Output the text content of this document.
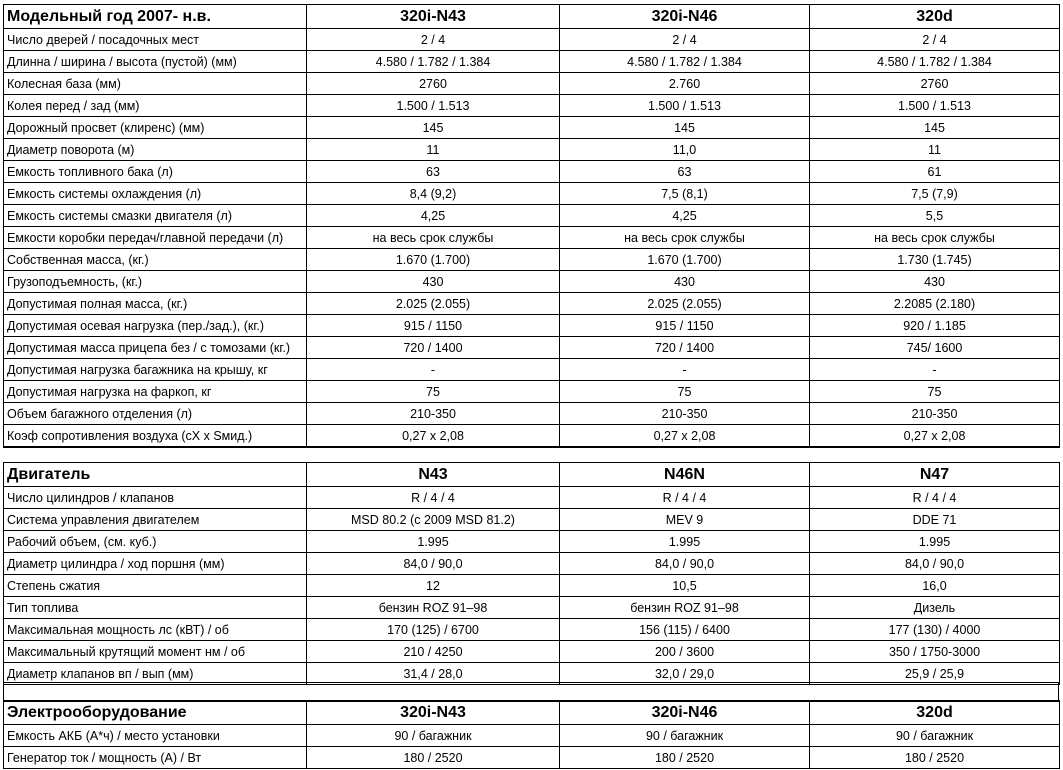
Модельный год 2007- н.в.	320i-N43	320i-N46	320d
Число дверей / посадочных мест	2 / 4	2 / 4	2 / 4
Длинна / ширина / высота (пустой) (мм)	4.580 / 1.782 / 1.384	4.580 / 1.782 / 1.384	4.580 / 1.782 / 1.384
Колесная база (мм)	2760	2.760	2760
Колея перед / зад (мм)	1.500 / 1.513	1.500 / 1.513	1.500 / 1.513
Дорожный просвет (клиренс) (мм)	145	145	145
Диаметр поворота (м)	11	11,0	11
Емкость топливного бака (л)	63	63	61
Емкость системы охлаждения (л)	8,4 (9,2)	7,5 (8,1)	7,5 (7,9)
Емкость системы смазки двигателя (л)	4,25	4,25	5,5
Емкости коробки передач/главной передачи (л)	на весь срок службы	на весь срок службы	на весь срок службы
Собственная масса, (кг.)	1.670 (1.700)	1.670 (1.700)	1.730 (1.745)
Грузоподъемность, (кг.)	430	430	430
Допустимая полная масса, (кг.)	2.025 (2.055)	2.025 (2.055)	2.2085 (2.180)
Допустимая осевая нагрузка (пер./зад.), (кг.)	915 / 1150	915 / 1150	920 / 1.185
Допустимая масса прицепа без / с томозами (кг.)	720 / 1400	720 / 1400	745/ 1600
Допустимая нагрузка багажника на крышу, кг	-	-	-
Допустимая нагрузка на фаркоп, кг	75	75	75
Объем багажного отделения (л)	210-350	210-350	210-350
Коэф сопротивления воздуха (cX x Sмид.)	0,27 x 2,08	0,27 x 2,08	0,27 x 2,08
Двигатель	N43	N46N	N47
Число цилиндров / клапанов	R / 4 / 4	R / 4 / 4	R / 4 / 4
Система управления двигателем	MSD 80.2 (с 2009 MSD 81.2)	MEV 9	DDE 71
Рабочий объем, (см. куб.)	1.995	1.995	1.995
Диаметр цилиндра / ход поршня (мм)	84,0 / 90,0	84,0 / 90,0	84,0 / 90,0
Степень сжатия	12	10,5	16,0
Тип топлива	бензин ROZ 91–98	бензин ROZ 91–98	Дизель
Максимальная мощность лс (кВТ) / об	170 (125) / 6700	156 (115) / 6400	177 (130) / 4000
Максимальный крутящий момент нм / об	210 / 4250	200 / 3600	350 / 1750-3000
Диаметр клапанов вп / вып (мм)	31,4 / 28,0	32,0 / 29,0	25,9 / 25,9
Электрооборудование	320i-N43	320i-N46	320d
Емкость АКБ (А*ч) / место установки	90 / багажник	90 / багажник	90 / багажник
Генератор ток / мощность (А) / Вт	180 / 2520	180 / 2520	180 / 2520
